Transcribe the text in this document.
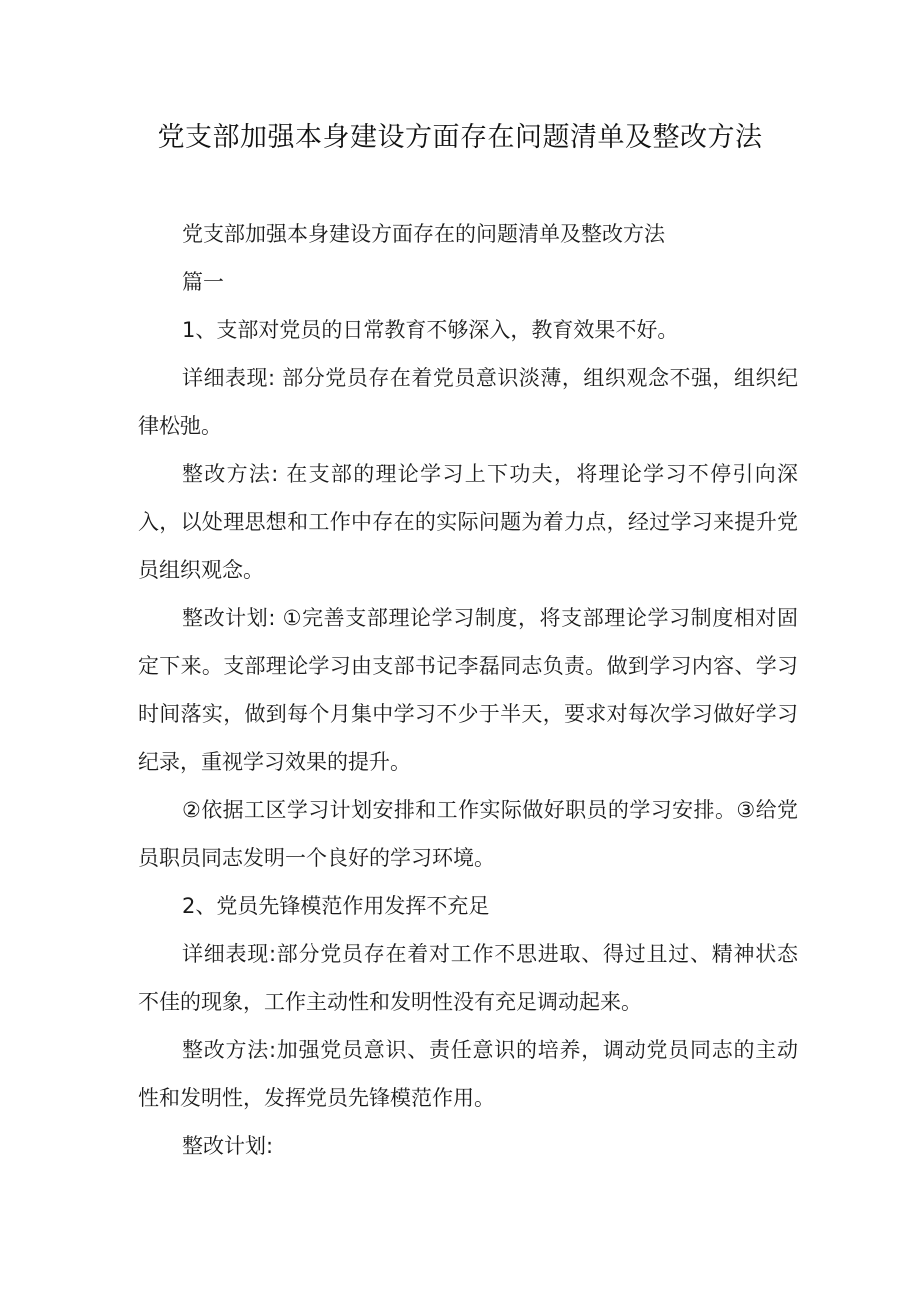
党支部加强本身建设方面存在问题清单及整改方法

党支部加强本身建设方面存在的问题清单及整改方法

篇一

1、支部对党员的日常教育不够深入，教育效果不好。

详细表现: 部分党员存在着党员意识淡薄，组织观念不强，组织纪律松弛。

整改方法: 在支部的理论学习上下功夫，将理论学习不停引向深入，以处理思想和工作中存在的实际问题为着力点，经过学习来提升党员组织观念。

整改计划: ①完善支部理论学习制度，将支部理论学习制度相对固定下来。支部理论学习由支部书记李磊同志负责。做到学习内容、学习时间落实，做到每个月集中学习不少于半天，要求对每次学习做好学习纪录，重视学习效果的提升。

②依据工区学习计划安排和工作实际做好职员的学习安排。③给党员职员同志发明一个良好的学习环境。

2、党员先锋模范作用发挥不充足

详细表现:部分党员存在着对工作不思进取、得过且过、精神状态不佳的现象，工作主动性和发明性没有充足调动起来。

整改方法:加强党员意识、责任意识的培养，调动党员同志的主动性和发明性，发挥党员先锋模范作用。

整改计划:
